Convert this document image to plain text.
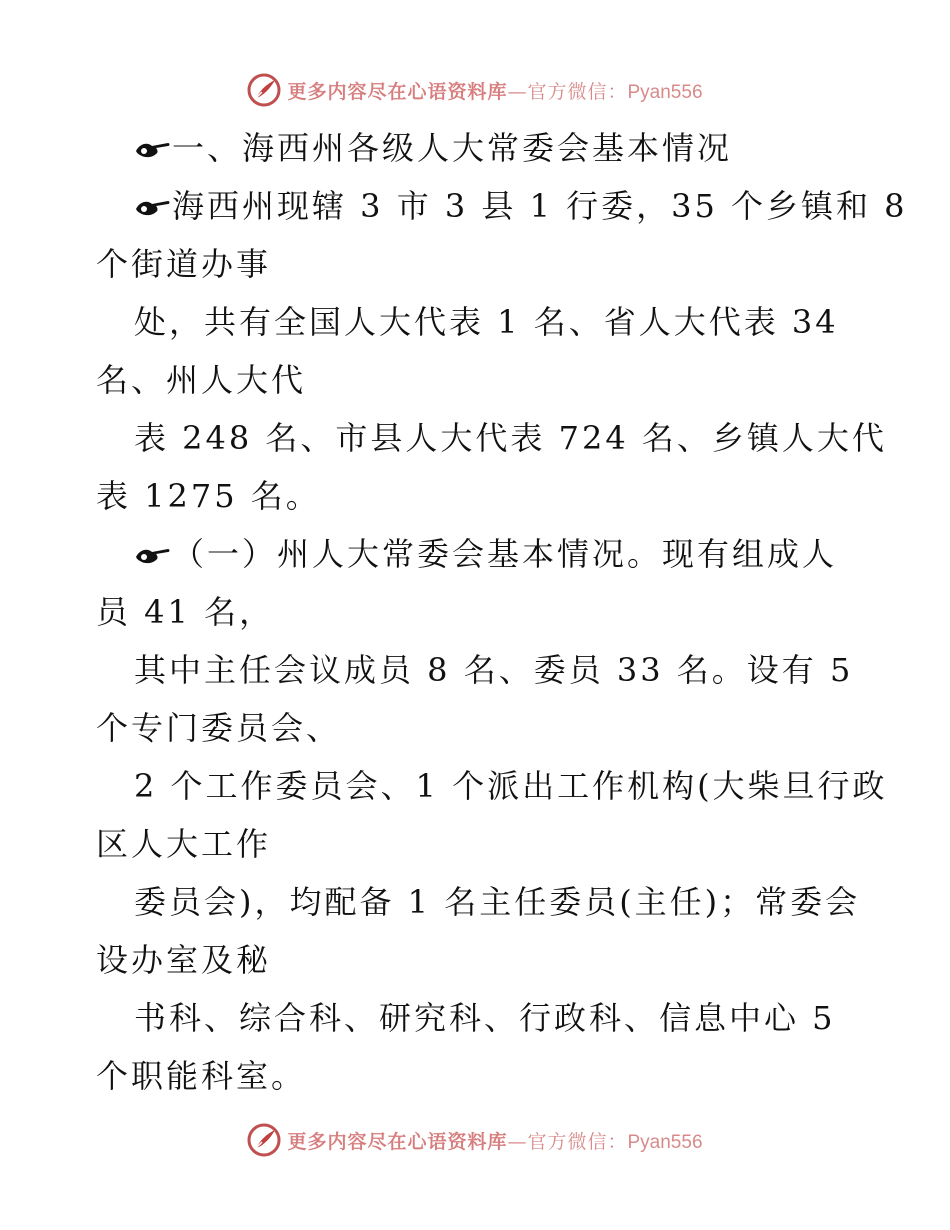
更多内容尽在心语资料库—官方微信：Pyan556
一、海西州各级人大常委会基本情况
海西州现辖 3 市 3 县 1 行委，35 个乡镇和 8
个街道办事
处，共有全国人大代表 1 名、省人大代表 34
名、州人大代
表 248 名、市县人大代表 724 名、乡镇人大代
表 1275 名。
（一）州人大常委会基本情况。现有组成人
员 41 名，
其中主任会议成员 8 名、委员 33 名。设有 5
个专门委员会、
2 个工作委员会、1 个派出工作机构(大柴旦行政
区人大工作
委员会)，均配备 1 名主任委员(主任)；常委会
设办室及秘
书科、综合科、研究科、行政科、信息中心 5
个职能科室。
更多内容尽在心语资料库—官方微信：Pyan556
